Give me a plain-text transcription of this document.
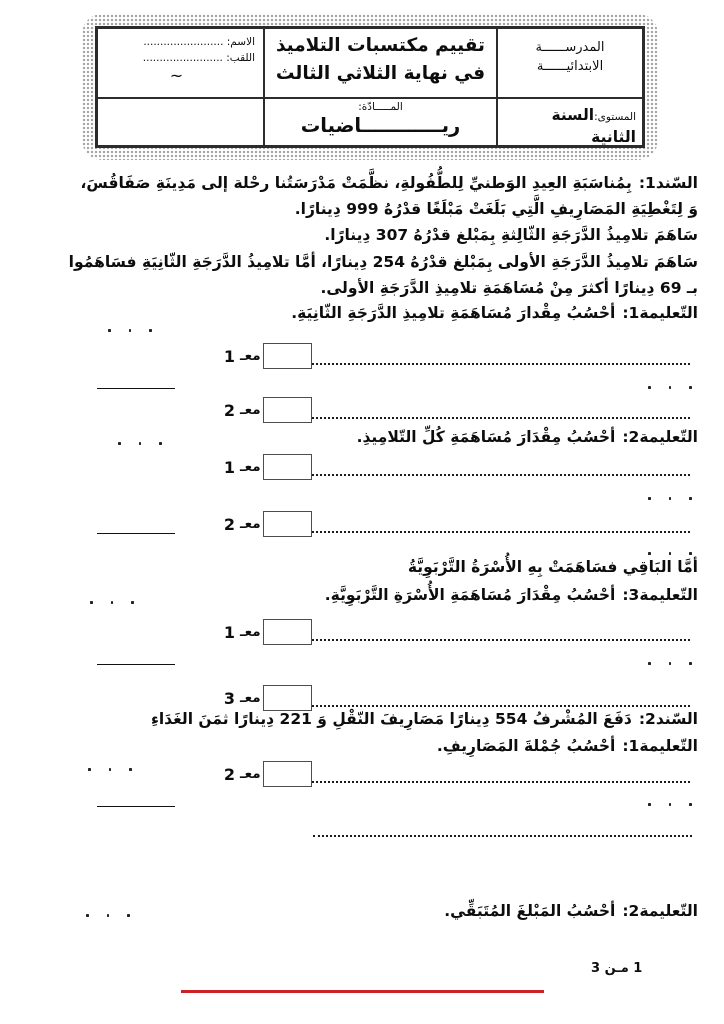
المدرســــــة
الابتدائيــــــة
تقييم مكتسبات التلاميذ
في نهاية الثلاثي الثالث
الاسم: ........................
اللقب: ........................
~
المستوى:السنة
الثانية
المـــــادّة:
ريــــــــــــاضيات
السّند1:بِمُناسَبَةِ العِيدِ الوَطنيِّ لِلطُّفُولةِ، نظَّمَتْ مَدْرَسَتُنا رحْلة إلى مَدِينَةِ صَفَاقُسَ،
وَ لِتَغْطِيَةِ المَصَارِيفِ الَّتِي بَلَغَتْ مَبْلَغًا قدْرُهُ 999 دِينارًا.
سَاهَمَ تلامِيذُ الدَّرَجَةِ الثّالِثةِ بِمَبْلغ قدْرُهُ 307 دِينارًا.
سَاهَمَ تلامِيذُ الدَّرَجَةِ الأولى بِمَبْلغ قدْرُهُ 254 دِينارًا، أمَّا تلامِيذُ الدَّرَجَةِ الثّانِيَةِ فسَاهَمُوا
بـ 69 دِينارًا أكثرَ مِنْ مُسَاهَمَةِ تلامِيذِ الدَّرَجَةِ الأولى.
التّعليمة1:أحْسُبُ مِقْدارَ مُسَاهَمَةِ تلامِيذِ الدَّرَجَةِ الثّانِيَةِ.
1 معـ
2 معـ
التّعليمة2:أحْسُبُ مِقْدَارَ مُسَاهَمَةِ كُلِّ التّلامِيذِ.
1 معـ
2 معـ
أمَّا البَاقِي فسَاهَمَتْ بِهِ الأُسْرَةُ التَّرْبَوِيَّةُ
التّعليمة3:أحْسُبُ مِقْدَارَ مُسَاهَمَةِ الأُسْرَةِ التَّرْبَوِيَّةِ.
1 معـ
3 معـ
السّند2:دَفَعَ المُشْرفُ 554 دِينارًا مَصَارِيفَ النّقْلِ وَ 221 دِينارًا ثمَنَ الغَدَاءِ
التّعليمة1:أحْسُبُ جُمْلةَ المَصَارِيفِ.
2 معـ
التّعليمة2:أحْسُبُ المَبْلغَ المُتَبَقِّي.
1 مـن 3
